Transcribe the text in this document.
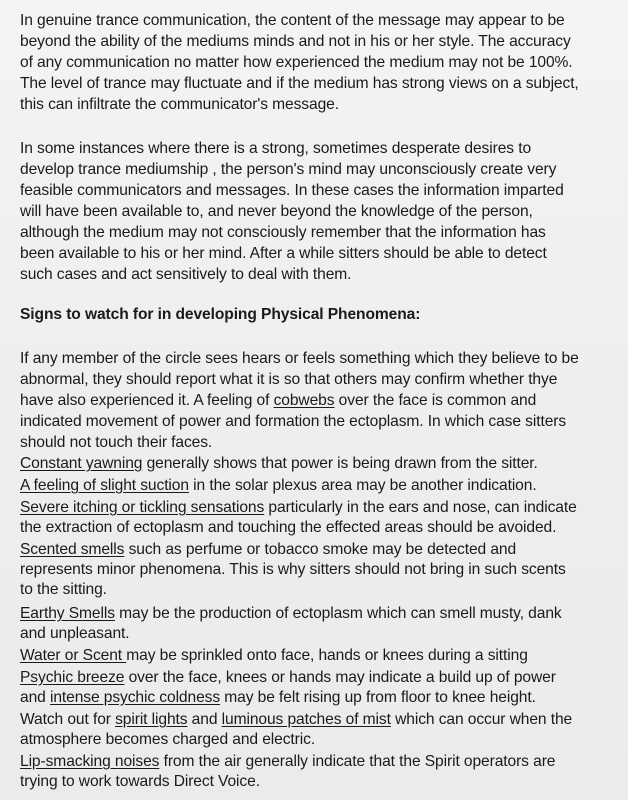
In genuine trance communication, the content of the message may appear to be
beyond the ability of the mediums minds and not in his or her style. The accuracy
of any communication no matter how experienced the medium may not be 100%.
The level of trance may fluctuate and if the medium has strong views on a subject,
this can infiltrate the communicator's message.
In some instances where there is a strong, sometimes desperate desires to
develop trance mediumship , the person's mind may unconsciously create very
feasible communicators and messages. In these cases the information imparted
will have been available to, and never beyond the knowledge of the person,
although the medium may not consciously remember that the information has
been available to his or her mind. After a while sitters should be able to detect
such cases and act sensitively to deal with them.
Signs to watch for in developing Physical Phenomena:
If any member of the circle sees hears or feels something which they believe to be
abnormal, they should report what it is so that others may confirm whether thye
have also experienced it. A feeling of cobwebs over the face is common and
indicated movement of power and formation the ectoplasm. In which case sitters
should not touch their faces.
Constant yawning generally shows that power is being drawn from the sitter.
A feeling of slight suction in the solar plexus area may be another indication.
Severe itching or tickling sensations particularly in the ears and nose, can indicate
the extraction of ectoplasm and touching the effected areas should be avoided.
Scented smells such as perfume or tobacco smoke may be detected and
represents minor phenomena. This is why sitters should not bring in such scents
to the sitting.
Earthy Smells may be the production of ectoplasm which can smell musty, dank
and unpleasant.
Water or Scent may be sprinkled onto face, hands or knees during a sitting
Psychic breeze over the face, knees or hands may indicate a build up of power
and intense psychic coldness may be felt rising up from floor to knee height.
Watch out for spirit lights and luminous patches of mist which can occur when the
atmosphere becomes charged and electric.
Lip-smacking noises from the air generally indicate that the Spirit operators are
trying to work towards Direct Voice.
